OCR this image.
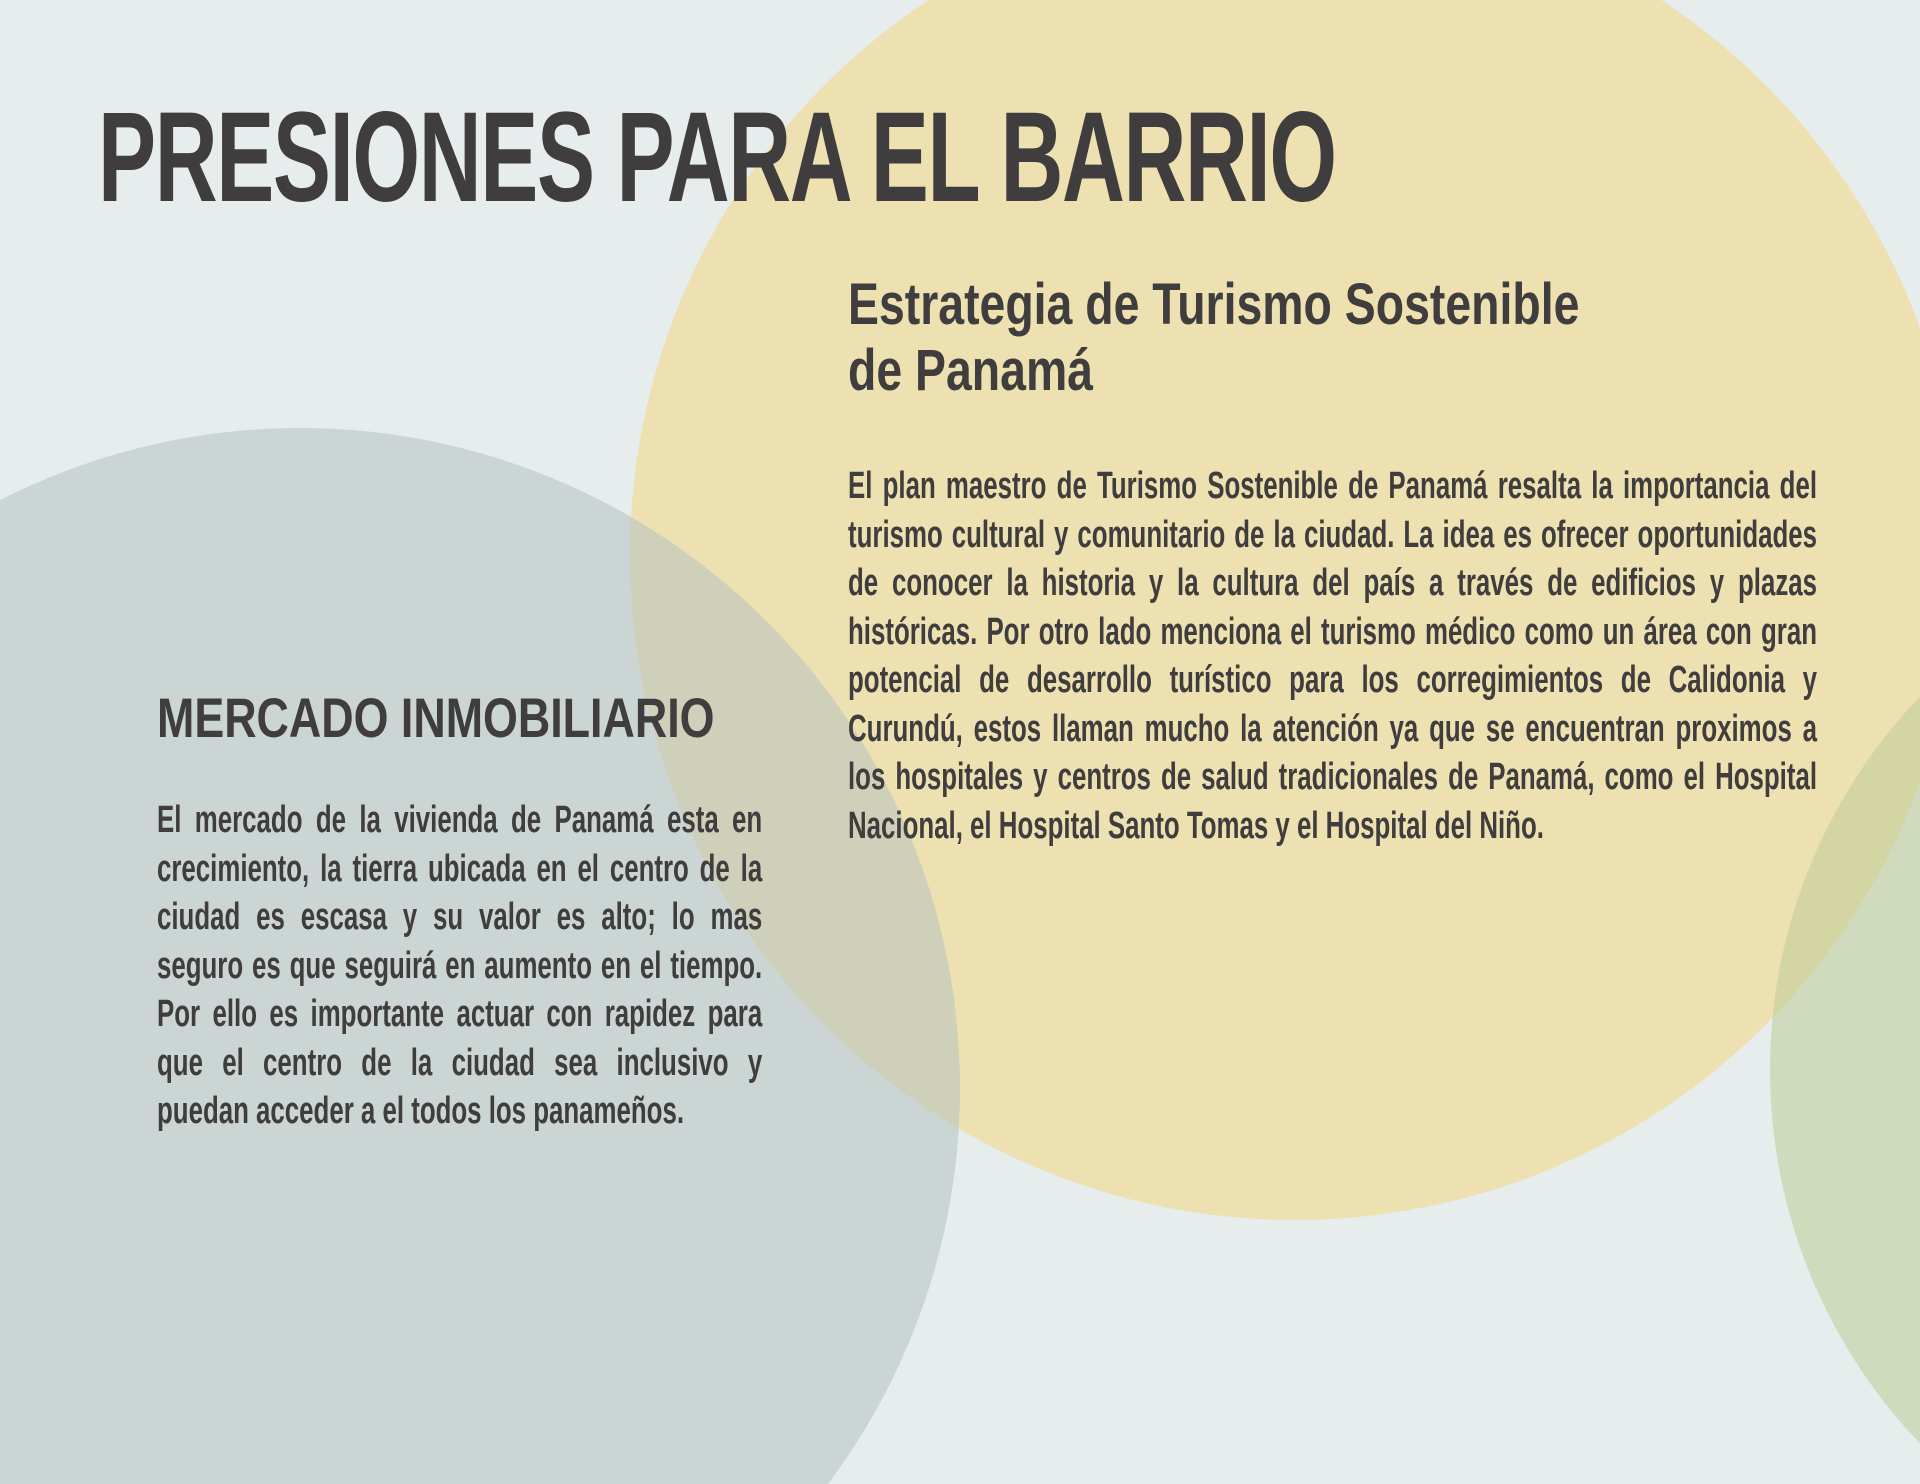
PRESIONES PARA EL BARRIO
Estrategia de Turismo Sostenible de Panamá

El plan maestro de Turismo Sostenible de Panamá resalta la importancia del turismo cultural y comunitario de la ciudad. La idea es ofrecer oportunidades de conocer la historia y la cultura del país a través de edificios y plazas históricas. Por otro lado menciona el turismo médico como un área con gran potencial de desarrollo turístico para los corregimientos de Calidonia y Curundú, estos llaman mucho la atención ya que se encuentran proximos a los hospitales y centros de salud tradicionales de Panamá, como el Hospital Nacional, el Hospital Santo Tomas y el Hospital del Niño.

MERCADO INMOBILIARIO

El mercado de la vivienda de Panamá esta en crecimiento, la tierra ubicada en el centro de la ciudad es escasa y su valor es alto; lo mas seguro es que seguirá en aumento en el tiempo. Por ello es importante actuar con rapidez para que el centro de la ciudad sea inclusivo y puedan acceder a el todos los panameños.
